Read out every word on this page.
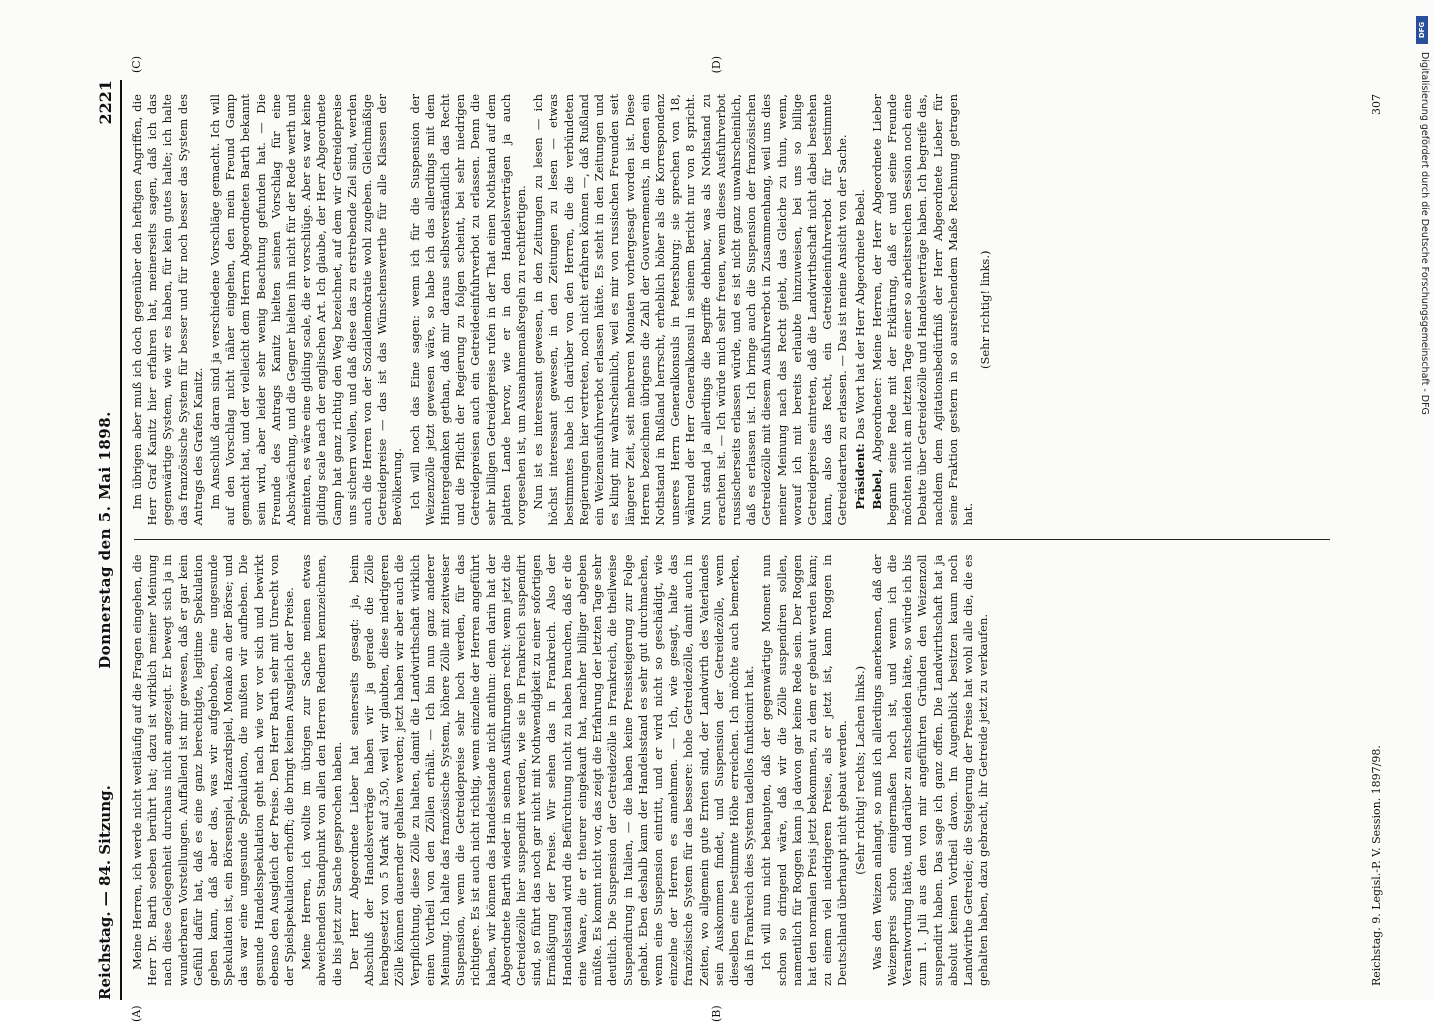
Reichstag. — 84. Sitzung.
Donnerstag den 5. Mai 1898.
2221

Meine Herren, ich werde nicht weitläufig auf die Fragen eingehen, die Herr Dr. Barth soeben berührt hat; dazu ist wirklich meiner Meinung nach diese Gelegenheit durchaus nicht angezeigt. Er bewegt sich ja in wunderbaren Vorstellungen. Auffallend ist mir gewesen, daß er gar kein Gefühl dafür hat, daß es eine ganz berechtigte, legitime Spekulation geben kann, daß aber das, was wir aufgehoben, eine ungesunde Spekulation ist, ein Börsenspiel, Hazardspiel, Monako an der Börse; und das war eine ungesunde Spekulation, die mußten wir aufheben. Die gesunde Handelsspekulation geht nach wie vor vor sich und bewirkt ebenso den Ausgleich der Preise. Den Herr Barth sehr mit Unrecht von der Spielspekulation erhofft; die bringt keinen Ausgleich der Preise. Meine Herren, ich wollte im übrigen zur Sache meinen etwas abweichenden Standpunkt von allen den Herren Rednern kennzeichnen, die bis jetzt zur Sache gesprochen haben. Der Herr Abgeordnete Lieber hat seinerseits gesagt: ja, beim Abschluß der Handelsverträge haben wir ja gerade die Zölle herabgesetzt von 5 Mark auf 3,50, weil wir glaubten, diese niedrigeren Zölle können dauernder gehalten werden; jetzt haben wir aber auch die Verpflichtung, diese Zölle zu halten, damit die Landwirthschaft wirklich einen Vortheil von den Zöllen erhält. — Ich bin nun ganz anderer Meinung. Ich halte das französische System, höhere Zölle mit zeitweiser Suspension, wenn die Getreidepreise sehr hoch werden, für das richtigere. Es ist auch nicht richtig, wenn einzelne der Herren angeführt haben, wir können das Handelsstande nicht anthun: denn darin hat der Abgeordnete Barth wieder in seinen Ausführungen recht: wenn jetzt die Getreidezölle hier suspendirt werden, wie sie in Frankreich suspendirt sind, so führt das noch gar nicht mit Nothwendigkeit zu einer sofortigen Ermäßigung der Preise. Wir sehen das in Frankreich. Also der Handelsstand wird die Befürchtung nicht zu haben brauchen, daß er die eine Waare, die er theurer eingekauft hat, nachher billiger abgeben müßte. Es kommt nicht vor, das zeigt die Erfahrung der letzten Tage sehr deutlich. Die Suspension der Getreidezölle in Frankreich, die theilweise Suspendirung in Italien, — die haben keine Preissteigerung zur Folge gehabt. Eben deshalb kann der Handelsstand es sehr gut durchmachen, wenn eine Suspension eintritt, und er wird nicht so geschädigt, wie einzelne der Herren es annehmen. — Ich, wie gesagt, halte das französische System für das bessere: hohe Getreidezölle, damit auch in Zeiten, wo allgemein gute Ernten sind, der Landwirth des Vaterlandes sein Auskommen findet, und Suspension der Getreidezölle, wenn dieselben eine bestimmte Höhe erreichen. Ich möchte auch bemerken, daß in Frankreich dies System tadellos funktionirt hat. Ich will nun nicht behaupten, daß der gegenwärtige Moment nun schon so dringend wäre, daß wir die Zölle suspendiren sollen, namentlich für Roggen kann ja davon gar keine Rede sein. Der Roggen hat den normalen Preis jetzt bekommen, zu dem er gebaut werden kann; zu einem viel niedrigeren Preise, als er jetzt ist, kann Roggen in Deutschland überhaupt nicht gebaut werden. (Sehr richtig! rechts; Lachen links.) Was den Weizen anlangt, so muß ich allerdings anerkennen, daß der Weizenpreis schon einigermaßen hoch ist, und wenn ich die Verantwortung hätte, und darüber zu entscheiden hätte, so würde ich bis zum 1. Juli aus den von mir angeführten Gründen den Weizenzoll suspendirt haben. Das sage ich ganz offen. Die Landwirthschaft hat ja absolut keinen Vortheil davon. Im Augenblick besitzen kaum noch Landwirthe Getreide; die Steigerung der Preise hat wohl alle die, die es gehalten haben, dazu gebracht, ihr Getreide jetzt zu verkaufen.

Im übrigen aber muß ich doch gegenüber den heftigen Angriffen, die Herr Graf Kanitz hier erfahren hat, meinerseits sagen, daß ich das gegenwärtige System, wie wir es haben, für kein gutes halte; ich halte das französische System für besser und für noch besser das System des Antrags des Grafen Kanitz. Im Anschluß daran sind ja verschiedene Vorschläge gemacht. Ich will auf den Vorschlag nicht näher eingehen, den mein Freund Gamp gemacht hat, und der vielleicht dem Herrn Abgeordneten Barth bekannt sein wird, aber leider sehr wenig Beachtung gefunden hat. — Die Freunde des Antrags Kanitz hielten seinen Vorschlag für eine Abschwächung, und die Gegner hielten ihn nicht für der Rede werth und meinten, es wäre eine gliding scale, die er vorschlüge. Aber es war keine gliding scale nach der englischen Art. Ich glaube, der Herr Abgeordnete Gamp hat ganz richtig den Weg bezeichnet, auf dem wir Getreidepreise uns sichern wollen, und daß diese das zu erstrebende Ziel sind, werden auch die Herren von der Sozialdemokratie wohl zugeben. Gleichmäßige Getreidepreise — das ist das Wünschenswerthe für alle Klassen der Bevölkerung. Ich will noch das Eine sagen: wenn ich für die Suspension der Weizenzölle jetzt gewesen wäre, so habe ich das allerdings mit dem Hintergedanken gethan, daß mir daraus selbstverständlich das Recht und die Pflicht der Regierung zu folgen scheint, bei sehr niedrigen Getreidepreisen auch ein Getreideeinfuhrverbot zu erlassen. Denn die sehr billigen Getreidepreise rufen in der That einen Nothstand auf dem platten Lande hervor, wie er in den Handelsverträgen ja auch vorgesehen ist, um Ausnahmemaßregeln zu rechtfertigen. Nun ist es interessant gewesen, in den Zeitungen zu lesen — ich höchst interessant gewesen, in den Zeitungen zu lesen — etwas bestimmtes habe ich darüber von den Herren, die die verbündeten Regierungen hier vertreten, noch nicht erfahren können —, daß Rußland ein Weizenausfuhrverbot erlassen hätte. Es steht in den Zeitungen und es klingt mir wahrscheinlich, weil es mir von russischen Freunden seit längerer Zeit, seit mehreren Monaten vorhergesagt worden ist. Diese Herren bezeichnen übrigens die Zahl der Gouvernements, in denen ein Nothstand in Rußland herrscht, erheblich höher als die Korrespondenz unseres Herrn Generalkonsuls in Petersburg; sie sprechen von 18, während der Herr Generalkonsul in seinem Bericht nur von 8 spricht. Nun stand ja allerdings die Begriffe dehnbar, was als Nothstand zu erachten ist. — Ich würde mich sehr freuen, wenn dieses Ausfuhrverbot russischerseits erlassen würde, und es ist nicht ganz unwahrscheinlich, daß es erlassen ist. Ich bringe auch die Suspension der französischen Getreidezölle mit diesem Ausfuhrverbot in Zusammenhang, weil uns dies meiner Meinung nach das Recht giebt, das Gleiche zu thun, wenn, worauf ich mit bereits erlaubte hinzuweisen, bei uns so billige Getreidepreise eintreten, daß die Landwirthschaft nicht dabei bestehen kann, also das Recht, ein Getreideeinfuhrverbot für bestimmte Getreidearten zu erlassen. — Das ist meine Ansicht von der Sache. Präsident: Das Wort hat der Herr Abgeordnete Bebel.

Bebel, Abgeordneter: Meine Herren, der Herr Abgeordnete Lieber begann seine Rede mit der Erklärung, daß er und seine Freunde möchten nicht am letzten Tage einer so arbeitsreichen Session noch eine Debatte über Getreidezölle und Handelsverträge haben. Ich begreife das, nachdem dem Agitationsbedürfniß der Herr Abgeordnete Lieber für seine Fraktion gestern in so ausreichendem Maße Rechnung getragen hat.

(Sehr richtig! links.)

Reichstag. 9. Legisl.-P. V. Session. 1897/98.
307
(A)	(B)
(C)	(D)
DFG
Digitalisierung gefördert durch die Deutsche Forschungsgemeinschaft - DFG
